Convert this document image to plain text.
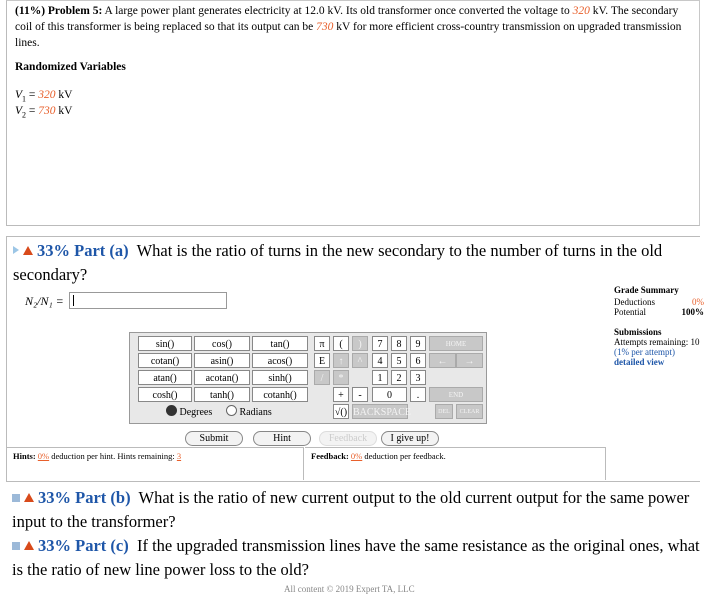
(11%) Problem 5: A large power plant generates electricity at 12.0 kV. Its old transformer once converted the voltage to 320 kV. The secondary coil of this transformer is being replaced so that its output can be 730 kV for more efficient cross-country transmission on upgraded transmission lines.
Randomized Variables
$V_1 = 320$ kV
$V_2 = 730$ kV
33% Part (a) What is the ratio of turns in the new secondary to the number of turns in the old secondary?
N₂/N₁ =
Grade Summary
Deductions	0%
Potential	100%
Submissions
Attempts remaining: 10
(1% per attempt)
detailed view
sin()	cos()	tan()
cotan()	asin()	acos()
atan()	acotan()	sinh()
cosh()	tanh()	cotanh()
Degrees	Radians
π	(	)
E	↑	^
/	*
+	-
√() BACKSPACE
7	8	9
4	5	6
1	2	3
0	.
HOME
←	→
END
DEL	CLEAR
Submit	Hint	Feedback	I give up!
Hints: 0% deduction per hint. Hints remaining: 3	Feedback: 0% deduction per feedback.
33% Part (b) What is the ratio of new current output to the old current output for the same power input to the transformer?
33% Part (c) If the upgraded transmission lines have the same resistance as the original ones, what is the ratio of new line power loss to the old?
All content © 2019 Expert TA, LLC
